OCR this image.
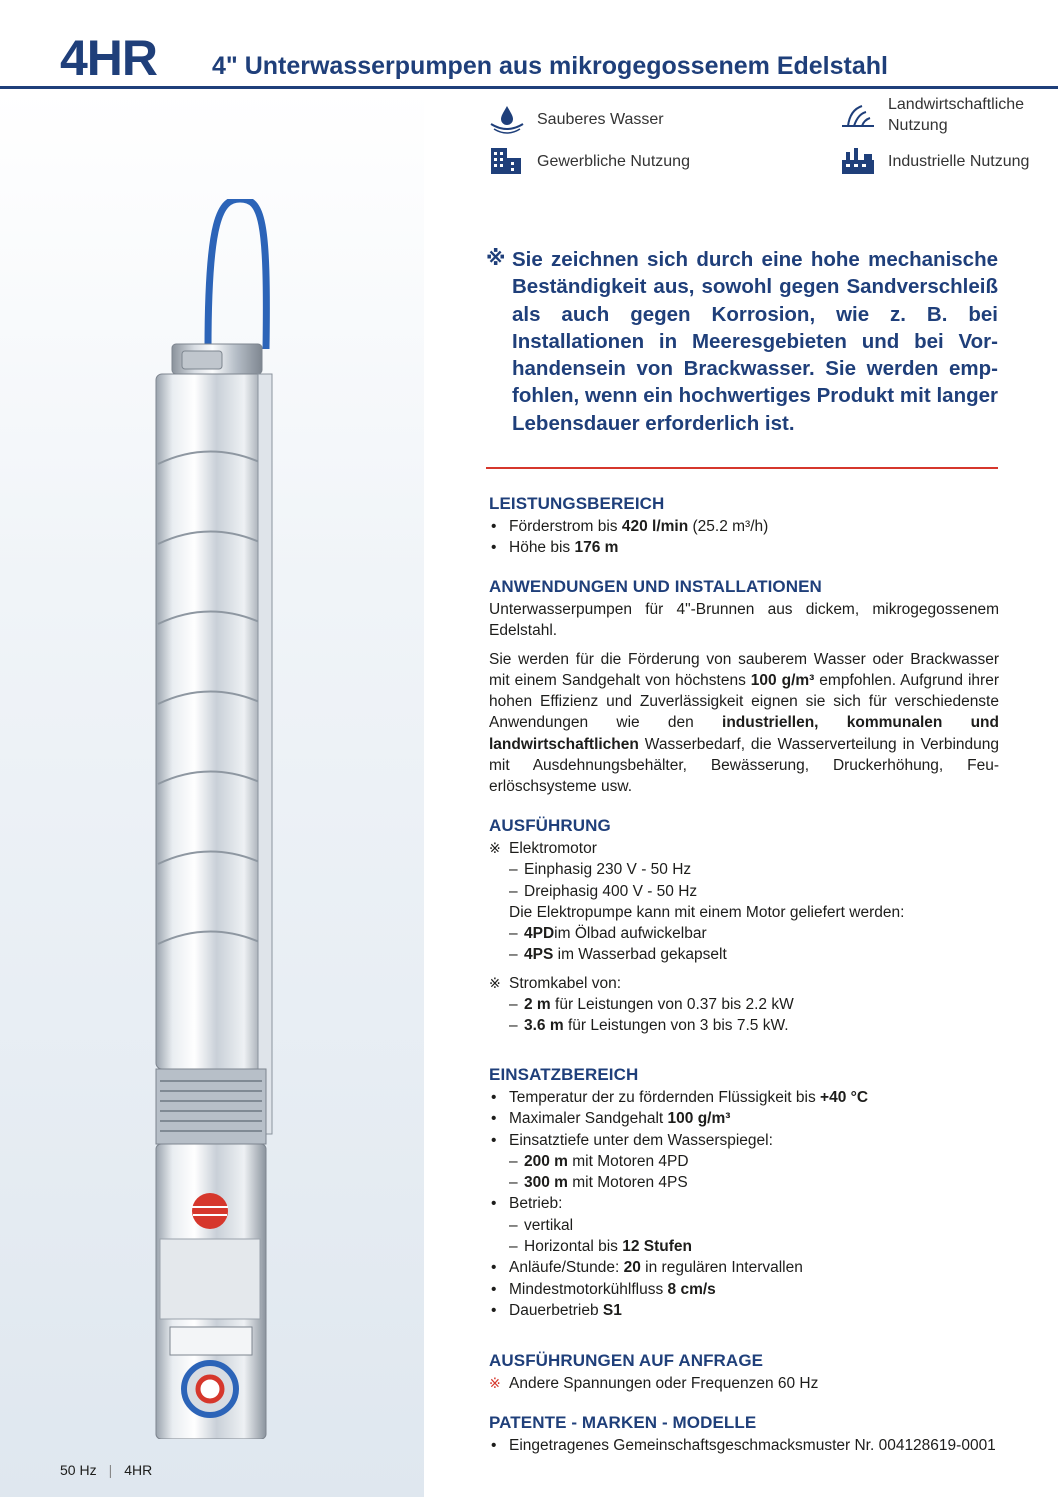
4HR 4" Unterwasserpumpen aus mikrogegossenem Edelstahl
Sauberes Wasser
Landwirtschaftliche
Nutzung
Gewerbliche Nutzung	Industrielle Nutzung
※ Sie zeichnen sich durch eine hohe mechanische Beständigkeit aus, sowohl gegen Sandverschleiß als auch gegen Korrosion, wie z. B. bei Installationen in Meeresgebieten und bei Vorhandensein von Brackwasser. Sie werden empfohlen, wenn ein hochwertiges Produkt mit langer Lebensdauer erforderlich ist.
LEISTUNGSBEREICH
• Förderstrom bis 420 l/min (25.2 m³/h)
• Höhe bis 176 m
ANWENDUNGEN UND INSTALLATIONEN

Unterwasserpumpen für 4"-Brunnen aus dickem, mikrogegossenem Edelstahl.

Sie werden für die Förderung von sauberem Wasser oder Brackwasser mit einem Sandgehalt von höchstens 100 g/m³ empfohlen. Aufgrund ihrer hohen Effizienz und Zuverlässigkeit eignen sie sich für verschiedenste Anwendungen wie den industriellen, kommunalen und landwirtschaftlichen Wasserbedarf, die Wasserverteilung in Verbindung mit Ausdehnungsbehälter, Bewässerung, Druckerhöhung, Feuerlöschsysteme usw.

AUSFÜHRUNG
※ Elektromotor
– Einphasig 230 V - 50 Hz
– Dreiphasig 400 V - 50 Hz
Die Elektropumpe kann mit einem Motor geliefert werden:
– 4PDim Ölbad aufwickelbar
– 4PS im Wasserbad gekapselt
※ Stromkabel von:
– 2 m für Leistungen von 0.37 bis 2.2 kW
– 3.6 m für Leistungen von 3 bis 7.5 kW.
EINSATZBEREICH
• Temperatur der zu fördernden Flüssigkeit bis +40 °C
• Maximaler Sandgehalt 100 g/m³
• Einsatztiefe unter dem Wasserspiegel:
– 200 m mit Motoren 4PD
– 300 m mit Motoren 4PS
• Betrieb:
– vertikal
– Horizontal bis 12 Stufen
• Anläufe/Stunde: 20 in regulären Intervallen
• Mindestmotorkühlfluss 8 cm/s
• Dauerbetrieb S1
AUSFÜHRUNGEN AUF ANFRAGE
※ Andere Spannungen oder Frequenzen 60 Hz
PATENTE - MARKEN - MODELLE
• Eingetragenes Gemeinschaftsgeschmacksmuster Nr. 004128619-0001
50 Hz | 4HR
